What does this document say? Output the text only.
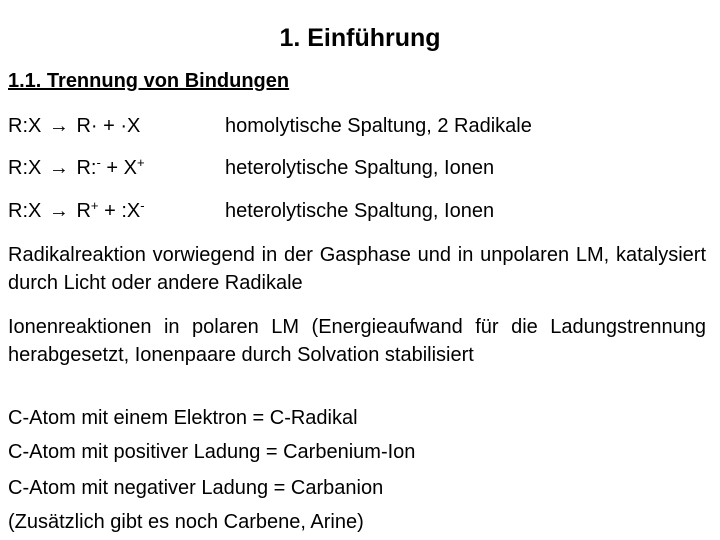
1. Einführung
1.1. Trennung von Bindungen
R:X → R· + ·X	homolytische Spaltung, 2 Radikale
R:X → R:- + X+	heterolytische Spaltung, Ionen
R:X → R+ + :X-	heterolytische Spaltung, Ionen
Radikalreaktion vorwiegend in der Gasphase und in unpolaren LM, katalysiert durch Licht oder andere Radikale
Ionenreaktionen in polaren LM (Energieaufwand für die Ladungstrennung herabgesetzt, Ionenpaare durch Solvation stabilisiert
C-Atom mit einem Elektron = C-Radikal
C-Atom mit positiver Ladung = Carbenium-Ion
C-Atom mit negativer Ladung = Carbanion
(Zusätzlich gibt es noch Carbene, Arine)
